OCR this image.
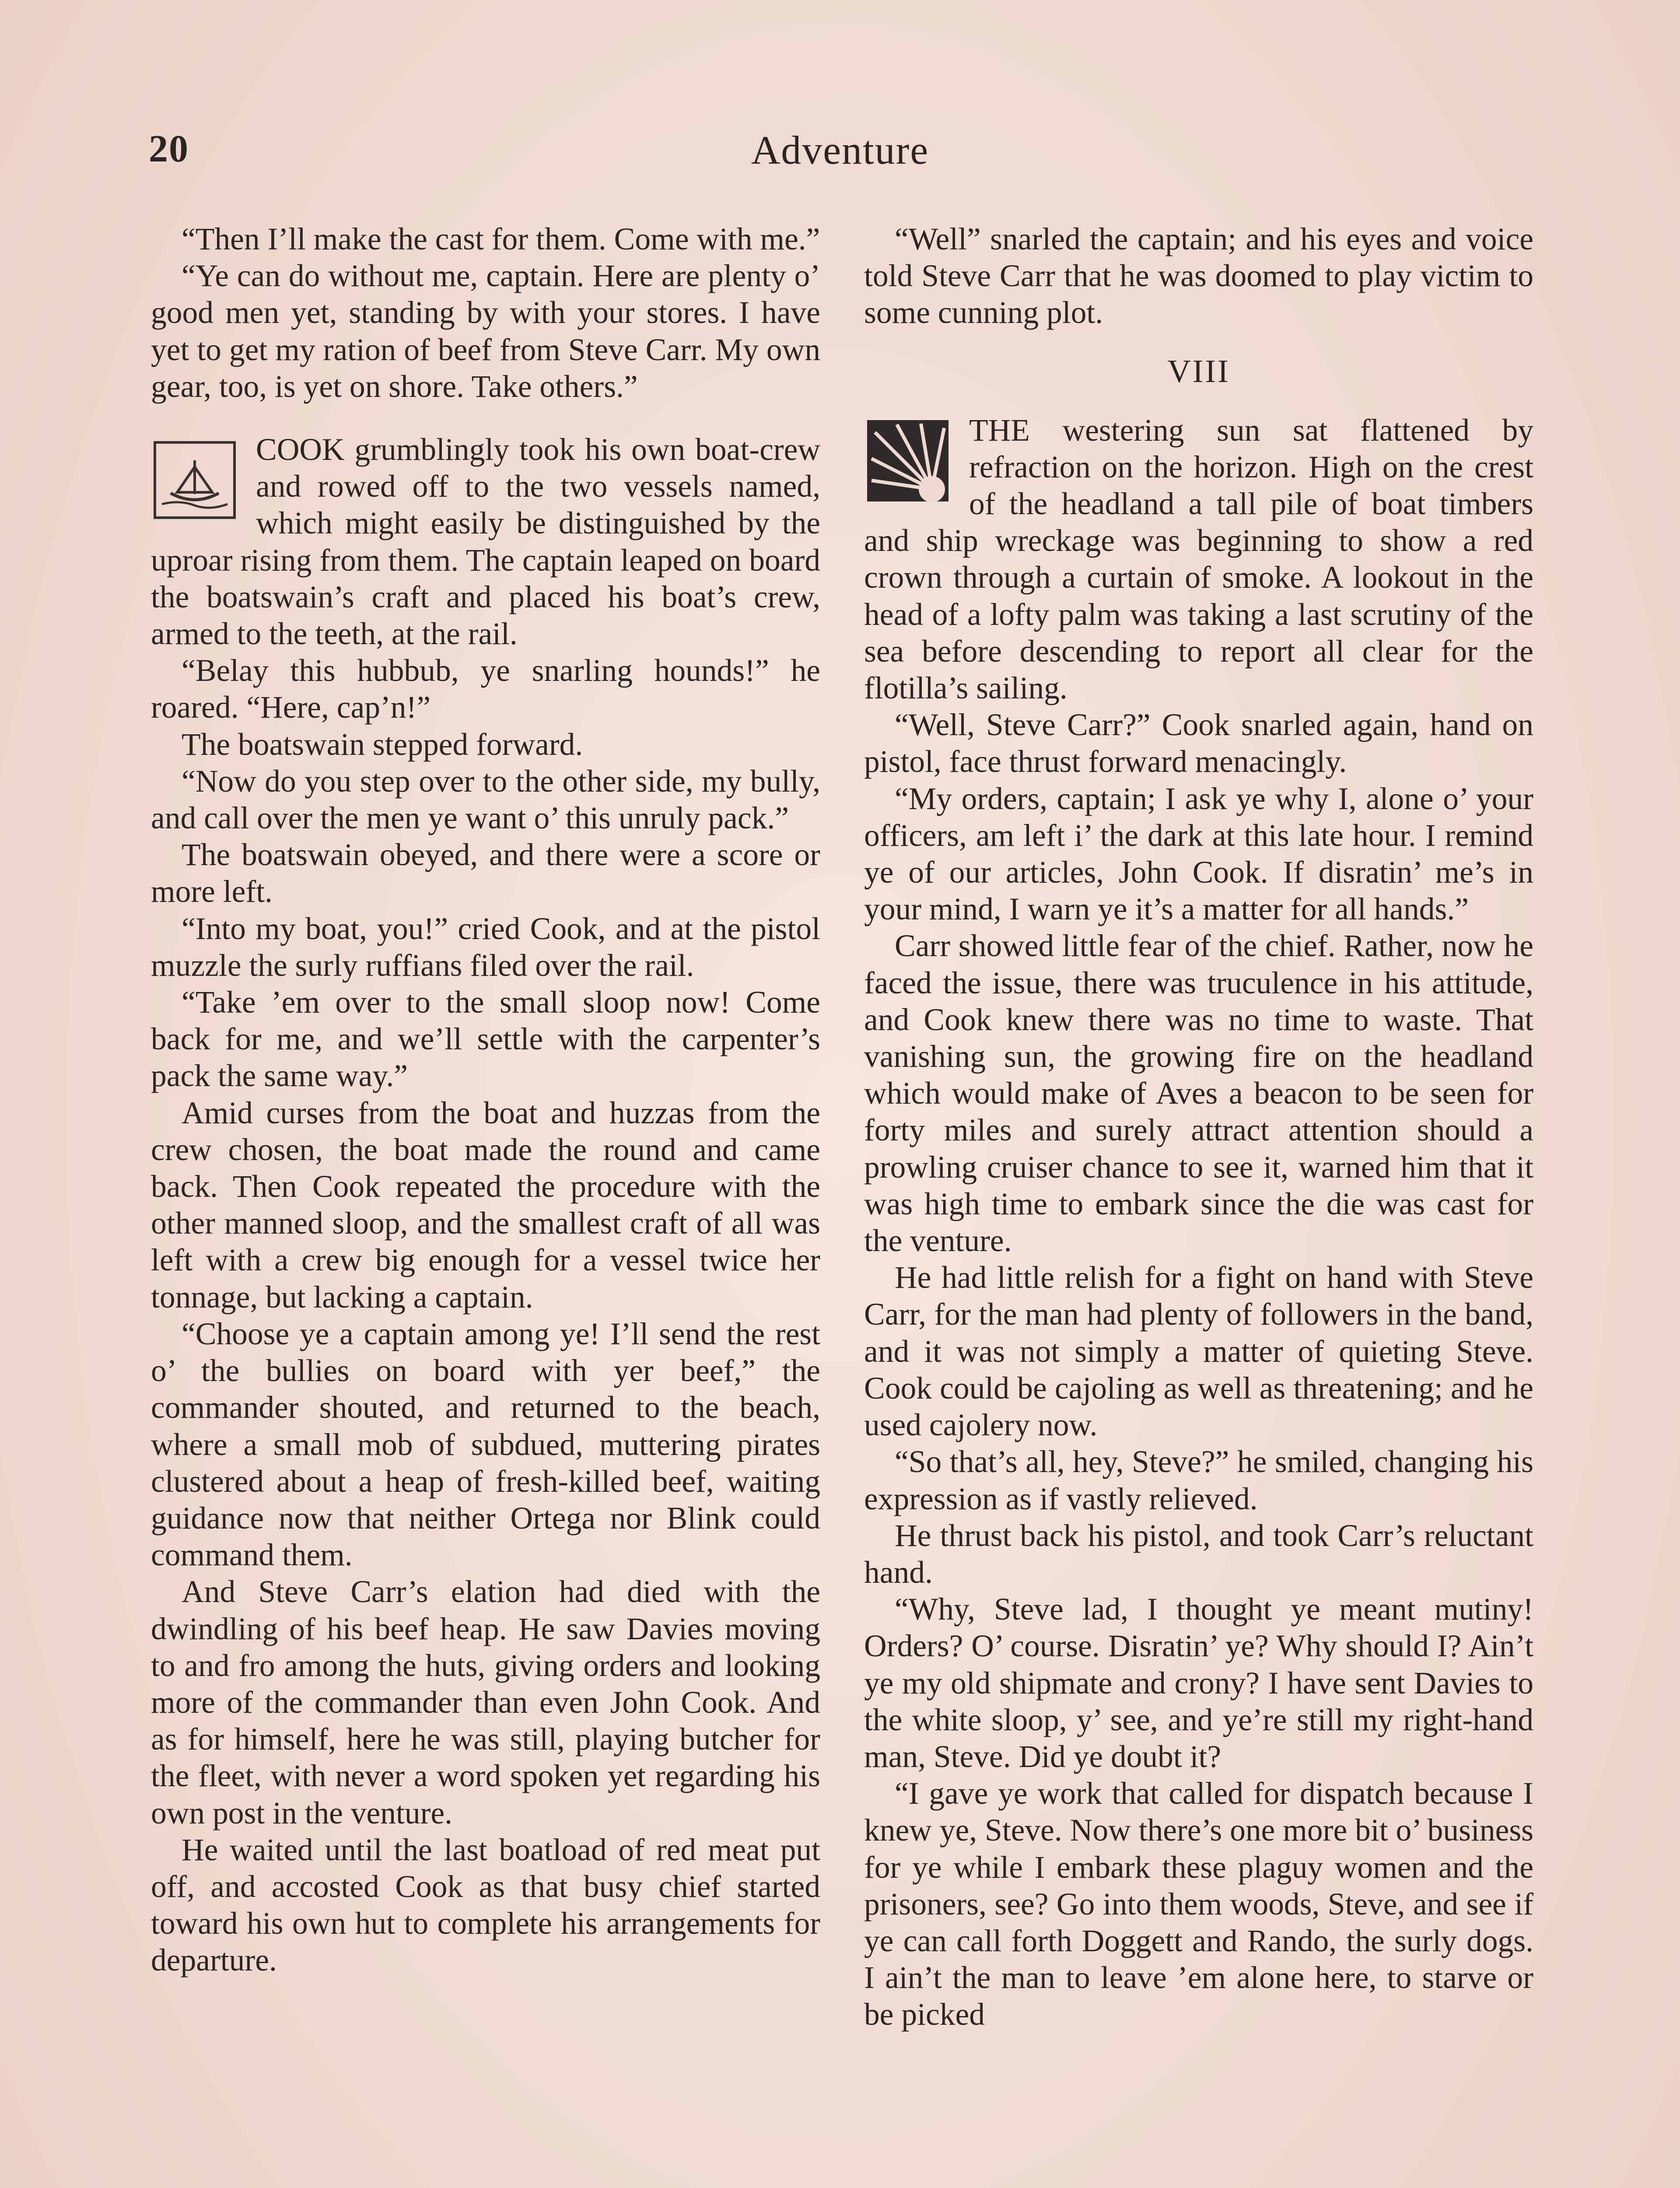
20	Adventure

“Then I’ll make the cast for them. Come with me.”

“Ye can do without me, captain. Here are plenty o’ good men yet, standing by with your stores. I have yet to get my ration of beef from Steve Carr. My own gear, too, is yet on shore. Take others.”

COOK grumblingly took his own boat-crew and rowed off to the two vessels named, which might easily be distinguished by the uproar rising from them. The captain leaped on board the boatswain’s craft and placed his boat’s crew, armed to the teeth, at the rail.

“Belay this hubbub, ye snarling hounds!” he roared. “Here, cap’n!”

The boatswain stepped forward.

“Now do you step over to the other side, my bully, and call over the men ye want o’ this unruly pack.”

The boatswain obeyed, and there were a score or more left.

“Into my boat, you!” cried Cook, and at the pistol muzzle the surly ruffians filed over the rail.

“Take ’em over to the small sloop now! Come back for me, and we’ll settle with the carpenter’s pack the same way.”

Amid curses from the boat and huzzas from the crew chosen, the boat made the round and came back. Then Cook repeated the procedure with the other manned sloop, and the smallest craft of all was left with a crew big enough for a vessel twice her tonnage, but lacking a captain.

“Choose ye a captain among ye! I’ll send the rest o’ the bullies on board with yer beef,” the commander shouted, and returned to the beach, where a small mob of subdued, muttering pirates clustered about a heap of fresh-killed beef, waiting guidance now that neither Ortega nor Blink could command them.

And Steve Carr’s elation had died with the dwindling of his beef heap. He saw Davies moving to and fro among the huts, giving orders and looking more of the commander than even John Cook. And as for himself, here he was still, playing butcher for the fleet, with never a word spoken yet regarding his own post in the venture.

He waited until the last boatload of red meat put off, and accosted Cook as that busy chief started toward his own hut to complete his arrangements for departure.

“Well” snarled the captain; and his eyes and voice told Steve Carr that he was doomed to play victim to some cunning plot.

VIII

THE westering sun sat flattened by refraction on the horizon. High on the crest of the headland a tall pile of boat timbers and ship wreckage was beginning to show a red crown through a curtain of smoke. A lookout in the head of a lofty palm was taking a last scrutiny of the sea before descending to report all clear for the flotilla’s sailing.

“Well, Steve Carr?” Cook snarled again, hand on pistol, face thrust forward menacingly.

“My orders, captain; I ask ye why I, alone o’ your officers, am left i’ the dark at this late hour. I remind ye of our articles, John Cook. If disratin’ me’s in your mind, I warn ye it’s a matter for all hands.”

Carr showed little fear of the chief. Rather, now he faced the issue, there was truculence in his attitude, and Cook knew there was no time to waste. That vanishing sun, the growing fire on the headland which would make of Aves a beacon to be seen for forty miles and surely attract attention should a prowling cruiser chance to see it, warned him that it was high time to embark since the die was cast for the venture.

He had little relish for a fight on hand with Steve Carr, for the man had plenty of followers in the band, and it was not simply a matter of quieting Steve. Cook could be cajoling as well as threatening; and he used cajolery now.

“So that’s all, hey, Steve?” he smiled, changing his expression as if vastly relieved.

He thrust back his pistol, and took Carr’s reluctant hand.

“Why, Steve lad, I thought ye meant mutiny! Orders? O’ course. Disratin’ ye? Why should I? Ain’t ye my old shipmate and crony? I have sent Davies to the white sloop, y’ see, and ye’re still my right-hand man, Steve. Did ye doubt it?

“I gave ye work that called for dispatch because I knew ye, Steve. Now there’s one more bit o’ business for ye while I embark these plaguy women and the prisoners, see? Go into them woods, Steve, and see if ye can call forth Doggett and Rando, the surly dogs. I ain’t the man to leave ’em alone here, to starve or be picked
